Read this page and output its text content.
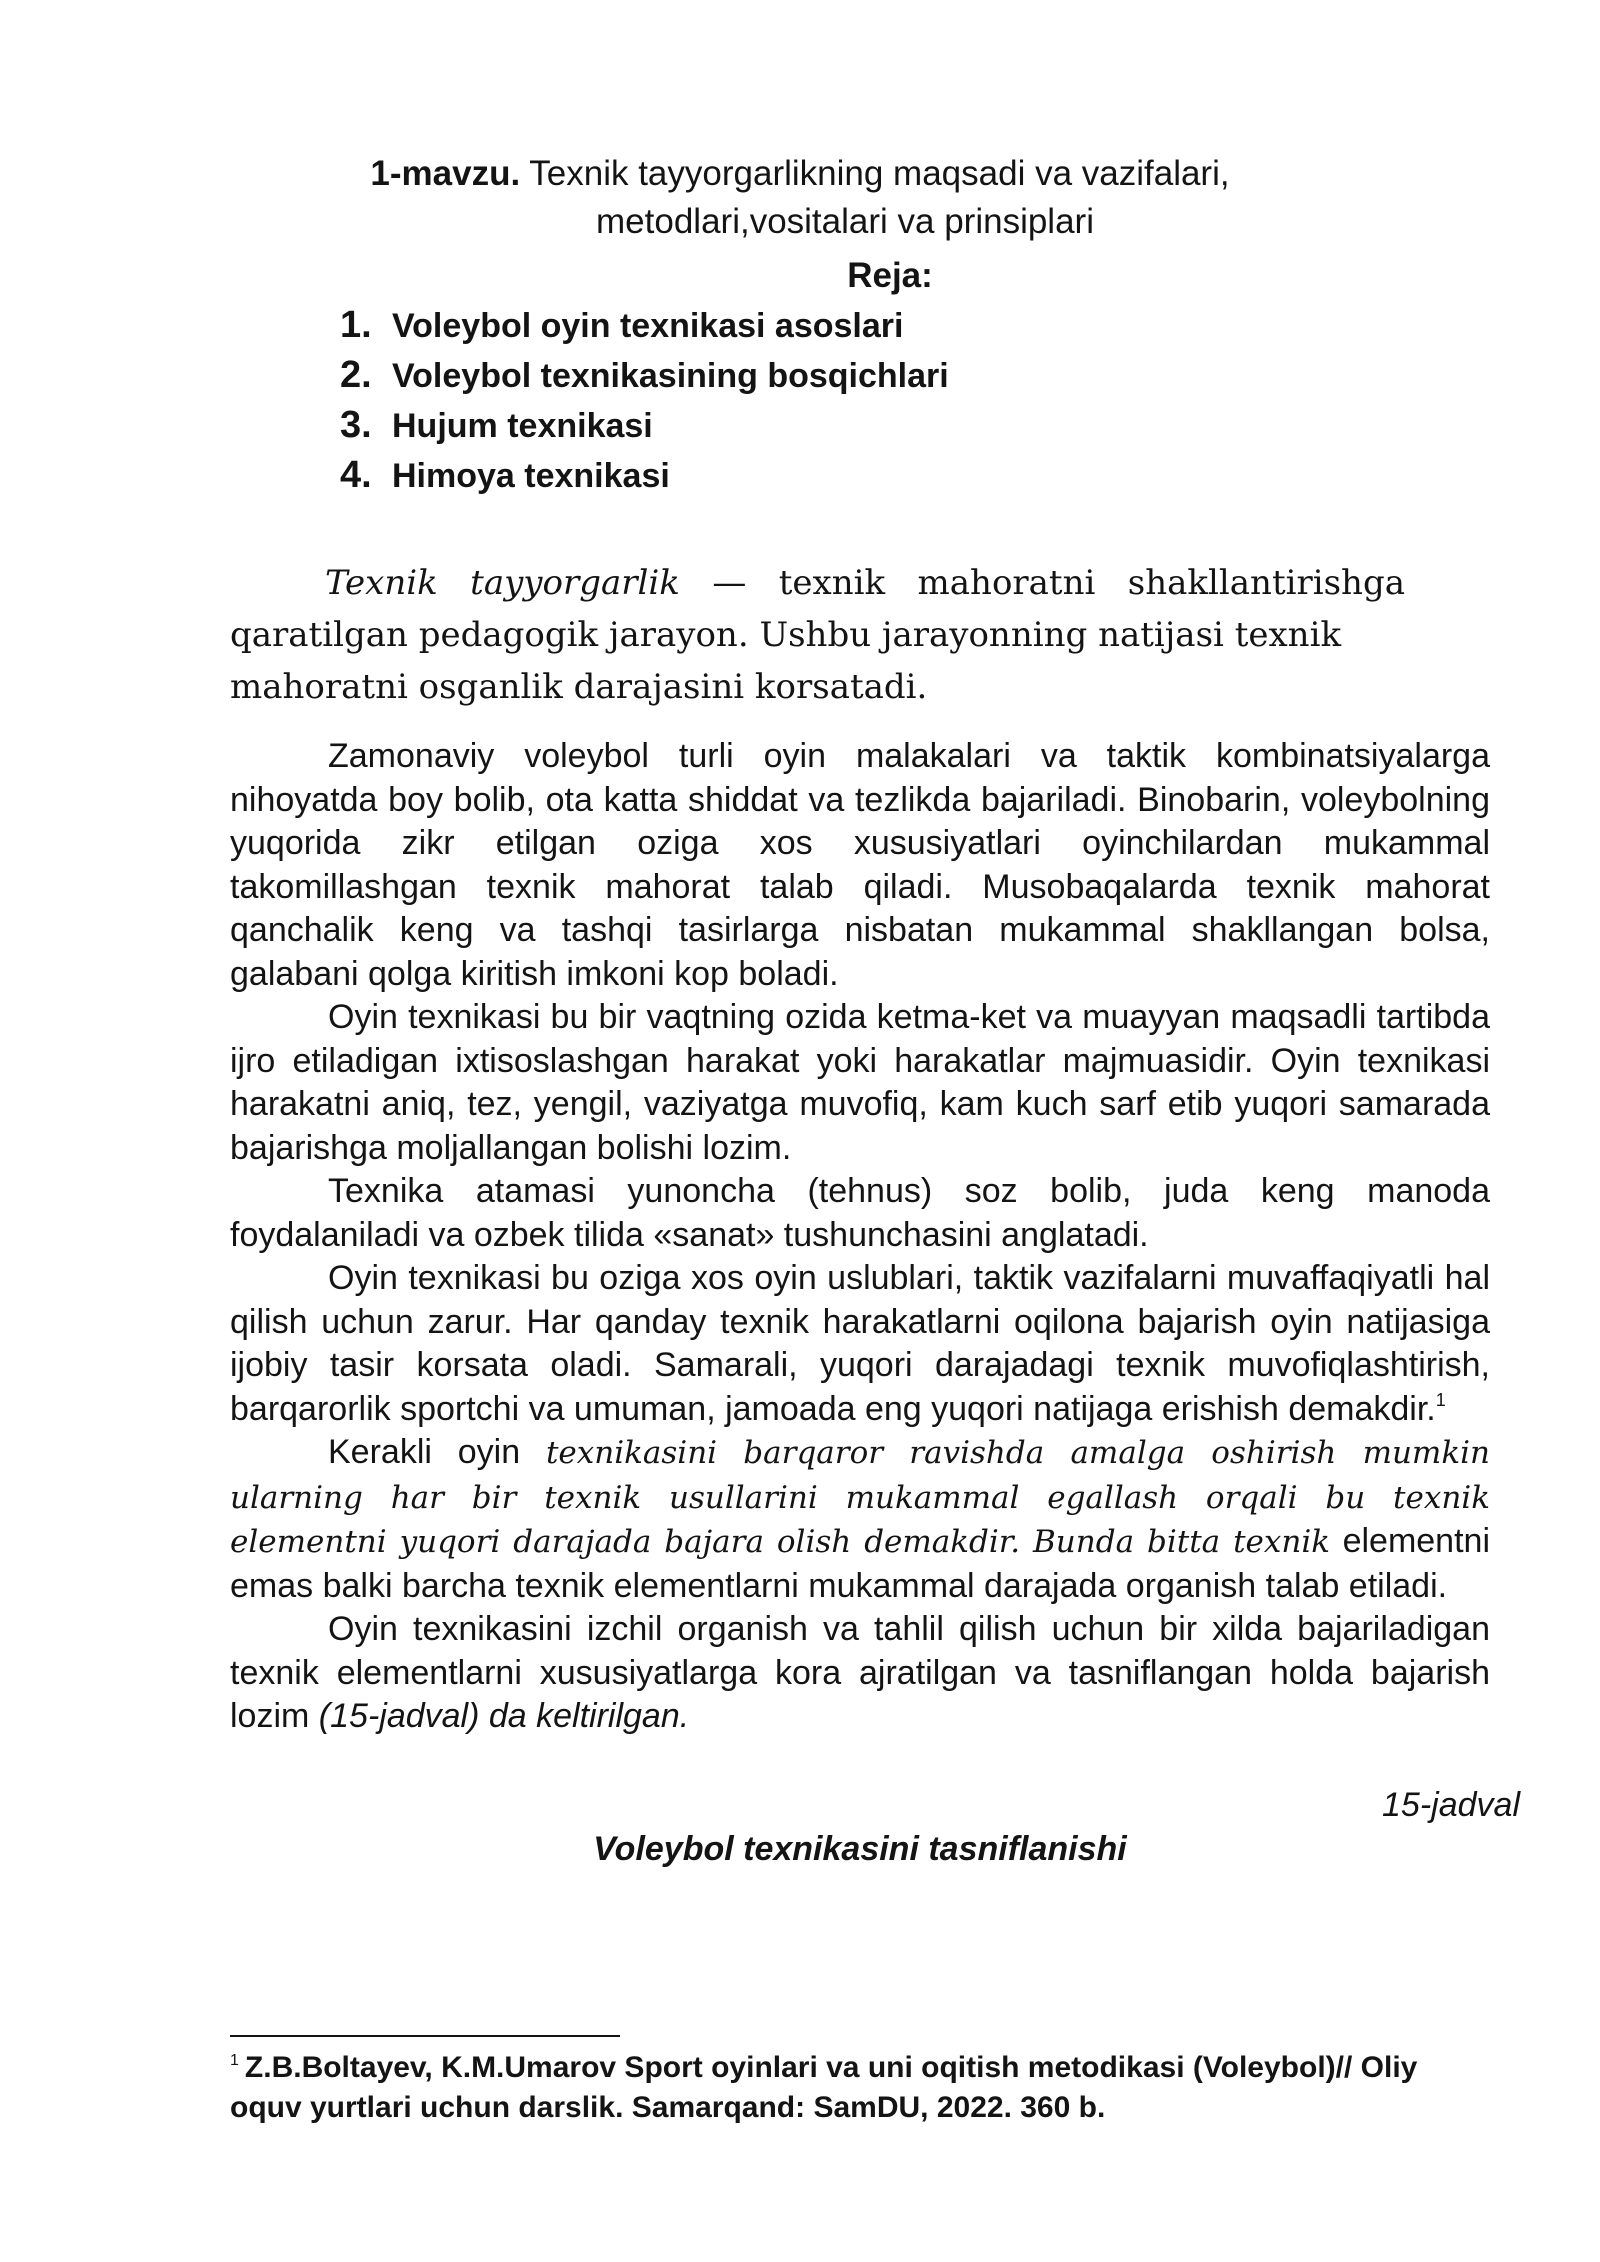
1-mavzu. Texnik tayyorgarlikning maqsadi va vazifalari,
metodlari,vositalari va prinsiplari
Reja:
1. Voleybol oyin texnikasi asoslari
2. Voleybol texnikasining bosqichlari
3. Hujum texnikasi
4. Himoya texnikasi
Texnik tayyorgarlik — texnik mahoratni shakllantirishga
qaratilgan pedagogik jarayon. Ushbu jarayonning natijasi texnik
mahoratni osganlik darajasini korsatadi.

Zamonaviy voleybol turli oyin malakalari va taktik kombinatsiyalarga nihoyatda boy bolib, ota katta shiddat va tezlikda bajariladi. Binobarin, voleybolning yuqorida zikr etilgan oziga xos xususiyatlari oyinchilardan mukammal takomillashgan texnik mahorat talab qiladi. Musobaqalarda texnik mahorat qanchalik keng va tashqi tasirlarga nisbatan mukammal shakllangan bolsa, galabani qolga kiritish imkoni kop boladi.

Oyin texnikasi bu bir vaqtning ozida ketma-ket va muayyan maqsadli tartibda ijro etiladigan ixtisoslashgan harakat yoki harakatlar majmuasidir. Oyin texnikasi harakatni aniq, tez, yengil, vaziyatga muvofiq, kam kuch sarf etib yuqori samarada bajarishga moljallangan bolishi lozim.

Texnika atamasi yunoncha (tehnus) soz bolib, juda keng manoda foydalaniladi va ozbek tilida «sanat» tushunchasini anglatadi.

Oyin texnikasi bu oziga xos oyin uslublari, taktik vazifalarni muvaffaqiyatli hal qilish uchun zarur. Har qanday texnik harakatlarni oqilona bajarish oyin natijasiga ijobiy tasir korsata oladi. Samarali, yuqori darajadagi texnik muvofiqlashtirish, barqarorlik sportchi va umuman, jamoada eng yuqori natijaga erishish demakdir.$^1$

Kerakli oyin texnikasini barqaror ravishda amalga oshirish mumkin ularning har bir texnik usullarini mukammal egallash orqali bu texnik elementni yuqori darajada bajara olish demakdir. Bunda bitta texnik elementni emas balki barcha texnik elementlarni mukammal darajada organish talab etiladi.

Oyin texnikasini izchil organish va tahlil qilish uchun bir xilda bajariladigan texnik elementlarni xususiyatlarga kora ajratilgan va tasniflangan holda bajarish lozim (15-jadval) da keltirilgan.

15-jadval
Voleybol texnikasini tasniflanishi

$^1$ Z.B.Boltayev, K.M.Umarov Sport oyinlari va uni oqitish metodikasi (Voleybol)// Oliy oquv yurtlari uchun darslik. Samarqand: SamDU, 2022. 360 b.
